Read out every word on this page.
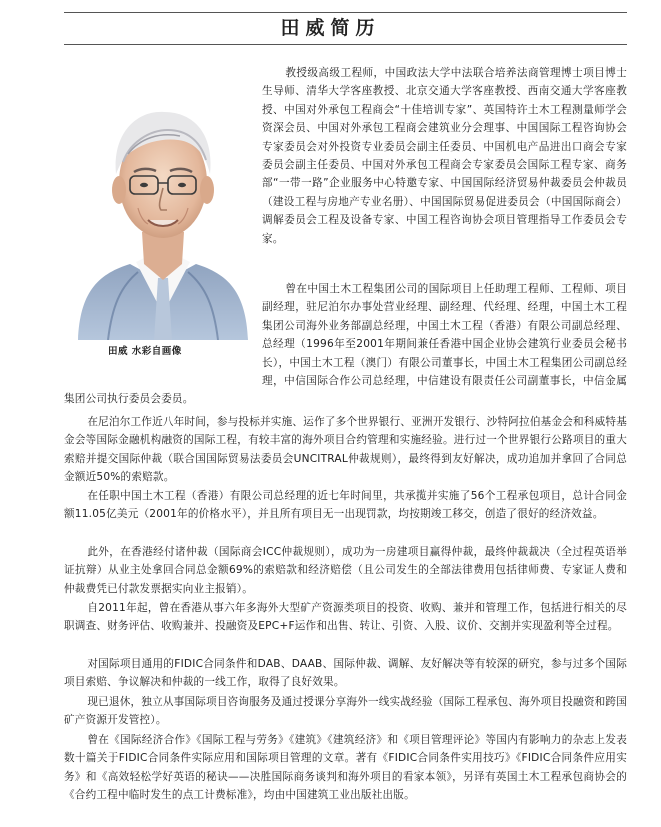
田威简历
田威 水彩自画像

教授级高级工程师，中国政法大学中法联合培养法商管理博士项目博士生导师、清华大学客座教授、北京交通大学客座教授、西南交通大学客座教授、中国对外承包工程商会“十佳培训专家”、英国特许土木工程测量师学会资深会员、中国对外承包工程商会建筑业分会理事、中国国际工程咨询协会专家委员会对外投资专业委员会副主任委员、中国机电产品进出口商会专家委员会副主任委员、中国对外承包工程商会专家委员会国际工程专家、商务部“一带一路”企业服务中心特邀专家、中国国际经济贸易仲裁委员会仲裁员（建设工程与房地产专业名册）、中国国际贸易促进委员会（中国国际商会）调解委员会工程及设备专家、中国工程咨询协会项目管理指导工作委员会专家。

曾在中国土木工程集团公司的国际项目上任助理工程师、工程师、项目副经理，驻尼泊尔办事处营业经理、副经理、代经理、经理，中国土木工程集团公司海外业务部副总经理，中国土木工程（香港）有限公司副总经理、总经理（1996年至2001年期间兼任香港中国企业协会建筑行业委员会秘书长），中国土木工程（澳门）有限公司董事长，中国土木工程集团公司副总经理，中信国际合作公司总经理，中信建设有限责任公司副董事长，中信金属集团公司执行委员会委员。

在尼泊尔工作近八年时间，参与投标并实施、运作了多个世界银行、亚洲开发银行、沙特阿拉伯基金会和科威特基金会等国际金融机构融资的国际工程，有较丰富的海外项目合约管理和实施经验。进行过一个世界银行公路项目的重大索赔并提交国际仲裁（联合国国际贸易法委员会UNCITRAL仲裁规则），最终得到友好解决，成功追加并拿回了合同总金额近50%的索赔款。

在任职中国土木工程（香港）有限公司总经理的近七年时间里，共承揽并实施了56个工程承包项目，总计合同金额11.05亿美元（2001年的价格水平），并且所有项目无一出现罚款，均按期竣工移交，创造了很好的经济效益。

此外，在香港经付诸仲裁（国际商会ICC仲裁规则），成功为一房建项目赢得仲裁，最终仲裁裁决（全过程英语举证抗辩）从业主处拿回合同总金额69%的索赔款和经济赔偿（且公司发生的全部法律费用包括律师费、专家证人费和仲裁费凭已付款发票据实向业主报销）。

自2011年起，曾在香港从事六年多海外大型矿产资源类项目的投资、收购、兼并和管理工作，包括进行相关的尽职调查、财务评估、收购兼并、投融资及EPC+F运作和出售、转让、引资、入股、议价、交割并实现盈利等全过程。

对国际项目通用的FIDIC合同条件和DAB、DAAB、国际仲裁、调解、友好解决等有较深的研究，参与过多个国际项目索赔、争议解决和仲裁的一线工作，取得了良好效果。

现已退休，独立从事国际项目咨询服务及通过授课分享海外一线实战经验（国际工程承包、海外项目投融资和跨国矿产资源开发管控）。

曾在《国际经济合作》《国际工程与劳务》《建筑》《建筑经济》和《项目管理评论》等国内有影响力的杂志上发表数十篇关于FIDIC合同条件实际应用和国际项目管理的文章。著有《FIDIC合同条件实用技巧》《FIDIC合同条件应用实务》和《高效轻松学好英语的秘诀——决胜国际商务谈判和海外项目的看家本领》，另译有英国土木工程承包商协会的《合约工程中临时发生的点工计费标准》，均由中国建筑工业出版社出版。
